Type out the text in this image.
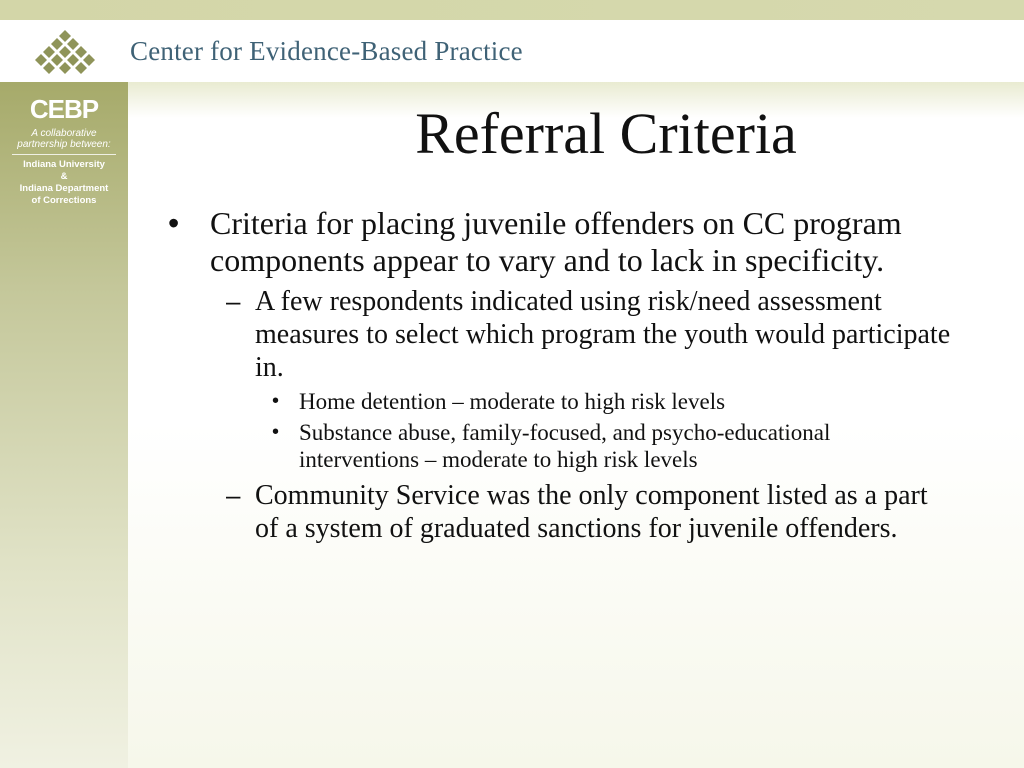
Center for Evidence-Based Practice
CEBP
A collaborative
partnership between:
Indiana University
&
Indiana Department
of Corrections
Referral Criteria
• Criteria for placing juvenile offenders on CC program components appear to vary and to lack in specificity.
– A few respondents indicated using risk/need assessment measures to select which program the youth would participate in.
• Home detention – moderate to high risk levels
• Substance abuse, family-focused, and psycho-educational interventions – moderate to high risk levels
– Community Service was the only component listed as a part of a system of graduated sanctions for juvenile offenders.
